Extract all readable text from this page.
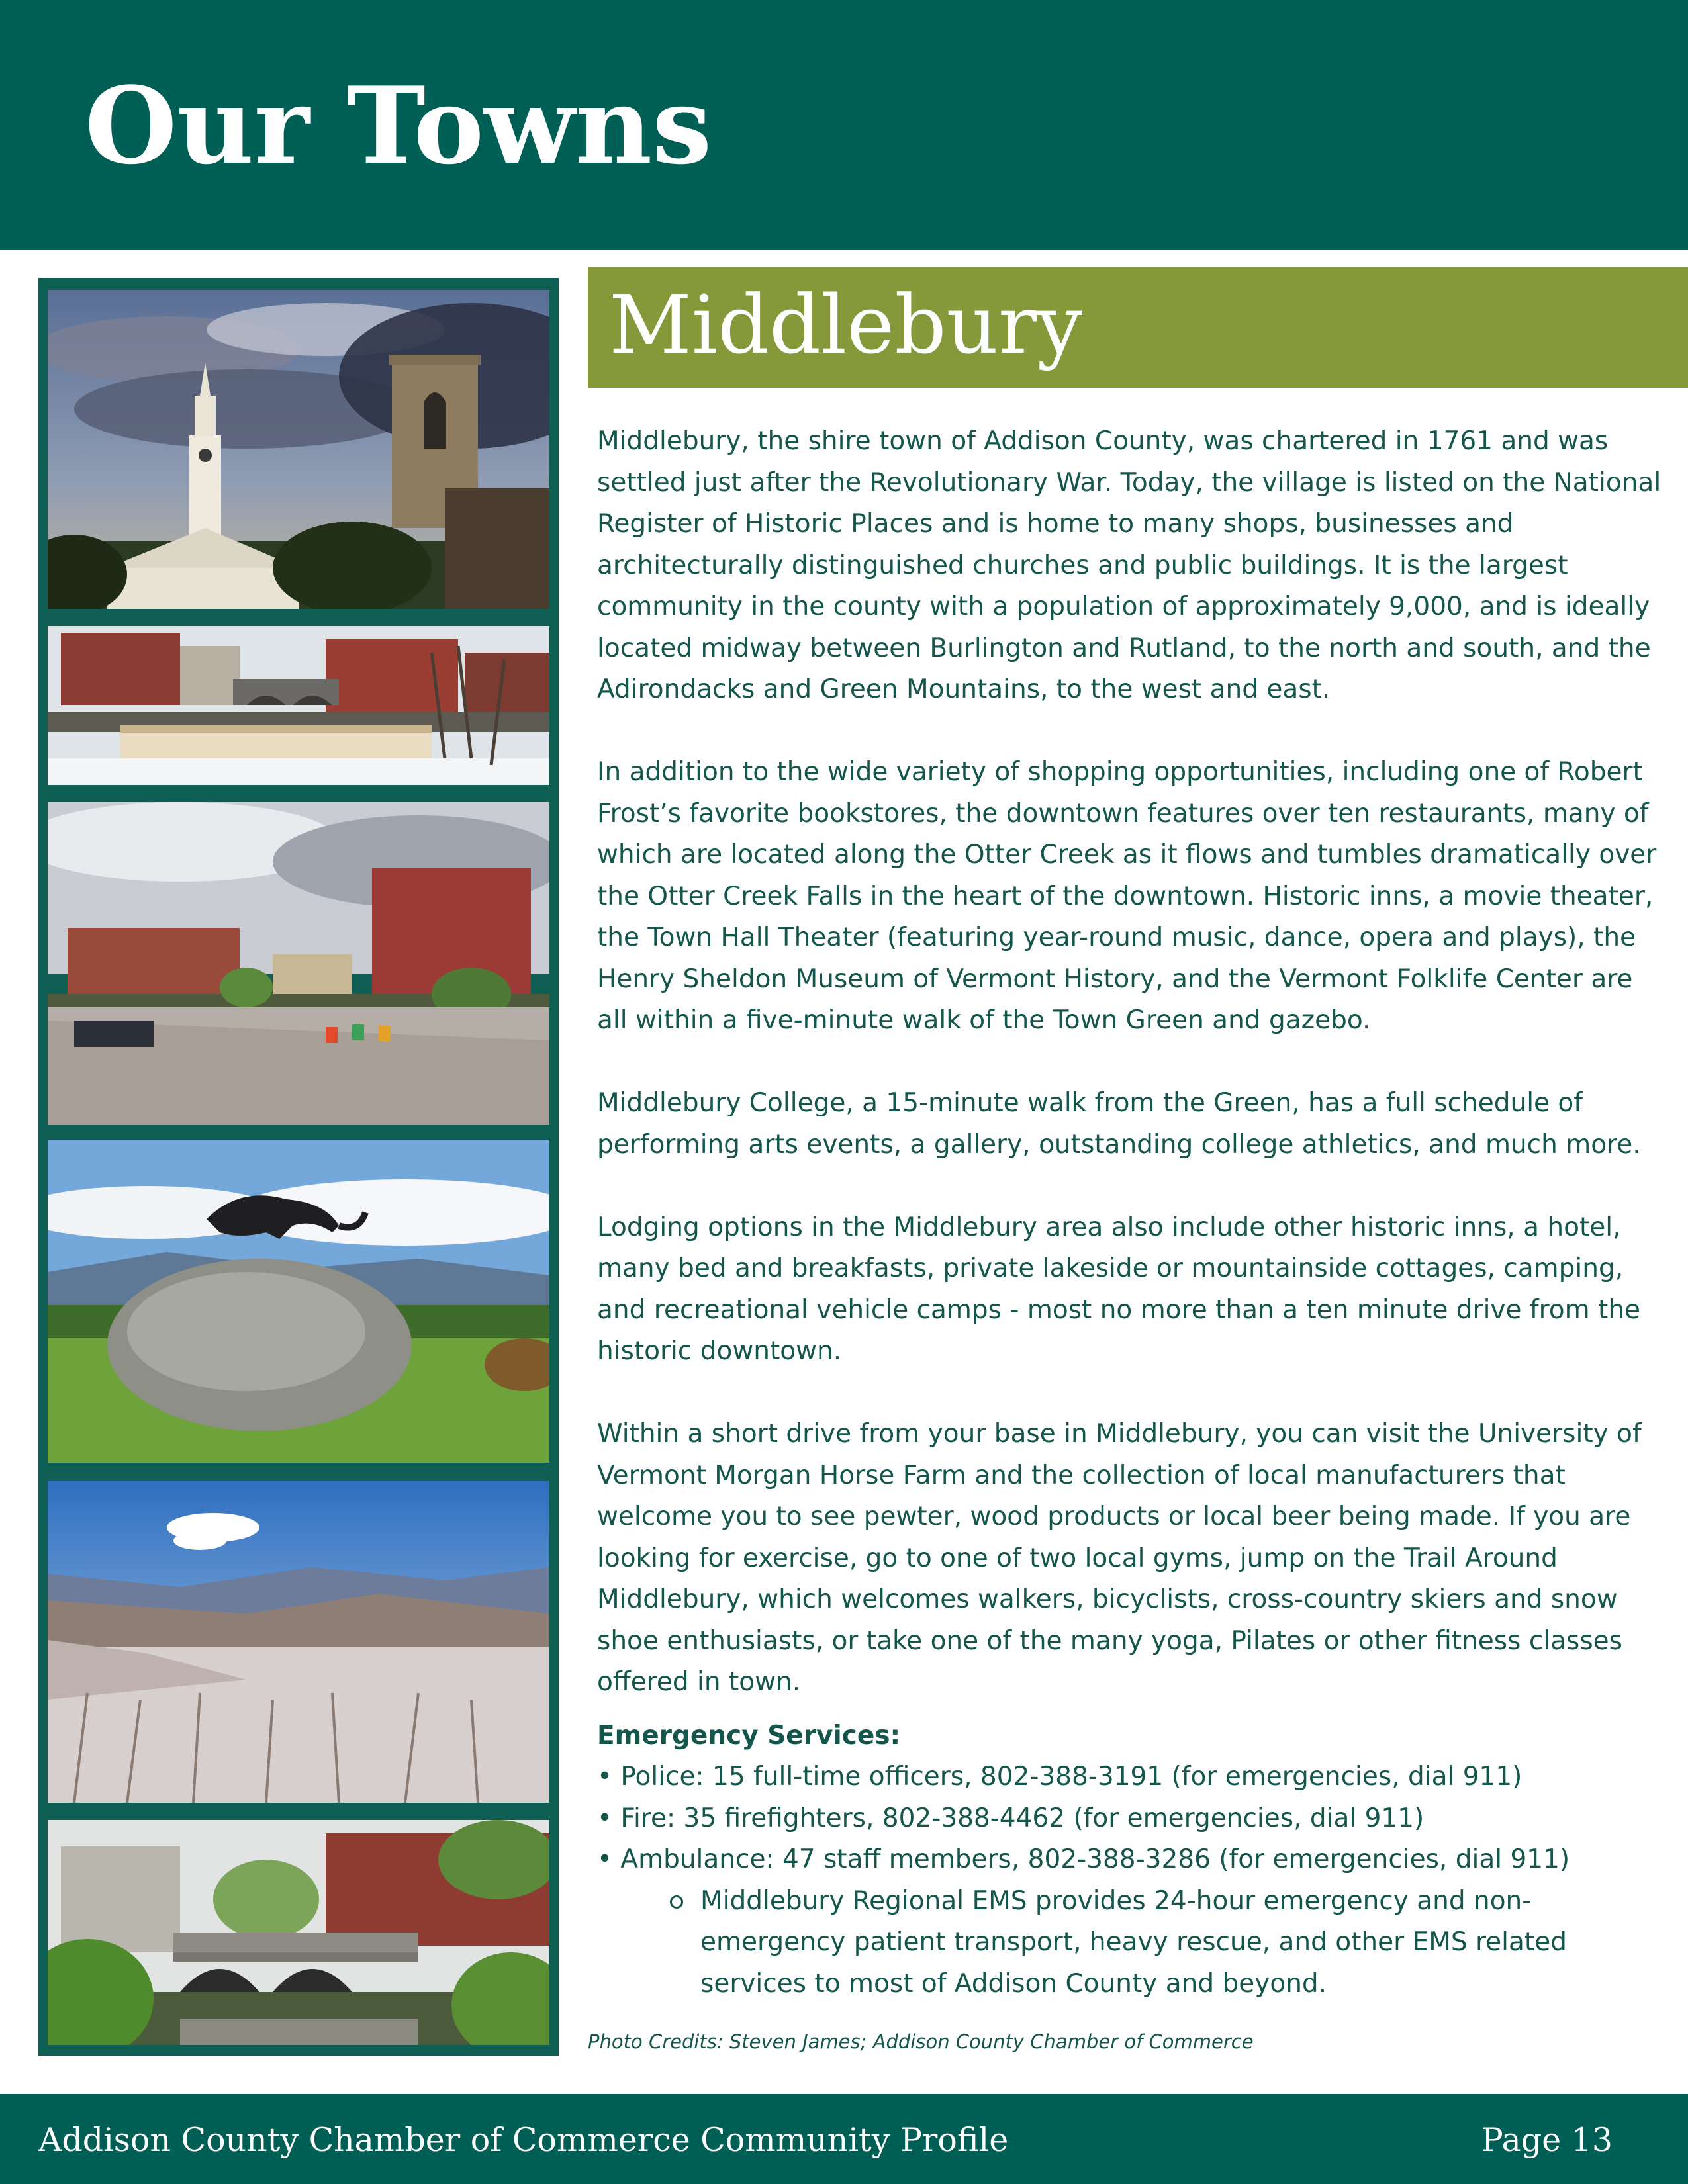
Our Towns
Middlebury

Middlebury, the shire town of Addison County, was chartered in 1761 and was settled just after the Revolutionary War. Today, the village is listed on the National Register of Historic Places and is home to many shops, businesses and architecturally distinguished churches and public buildings. It is the largest community in the county with a population of approximately 9,000, and is ideally located midway between Burlington and Rutland, to the north and south, and the Adirondacks and Green Mountains, to the west and east.

In addition to the wide variety of shopping opportunities, including one of Robert Frost’s favorite bookstores, the downtown features over ten restaurants, many of which are located along the Otter Creek as it flows and tumbles dramatically over the Otter Creek Falls in the heart of the downtown. Historic inns, a movie theater, the Town Hall Theater (featuring year-round music, dance, opera and plays), the Henry Sheldon Museum of Vermont History, and the Vermont Folklife Center are all within a five-minute walk of the Town Green and gazebo.

Middlebury College, a 15-minute walk from the Green, has a full schedule of performing arts events, a gallery, outstanding college athletics, and much more.

Lodging options in the Middlebury area also include other historic inns, a hotel, many bed and breakfasts, private lakeside or mountainside cottages, camping, and recreational vehicle camps - most no more than a ten minute drive from the historic downtown.

Within a short drive from your base in Middlebury, you can visit the University of Vermont Morgan Horse Farm and the collection of local manufacturers that welcome you to see pewter, wood products or local beer being made. If you are looking for exercise, go to one of two local gyms, jump on the Trail Around Middlebury, which welcomes walkers, bicyclists, cross-country skiers and snow shoe enthusiasts, or take one of the many yoga, Pilates or other fitness classes offered in town.

Emergency Services:
• Police: 15 full-time officers, 802-388-3191 (for emergencies, dial 911)
• Fire: 35 firefighters, 802-388-4462 (for emergencies, dial 911)
• Ambulance: 47 staff members, 802-388-3286 (for emergencies, dial 911)
Middlebury Regional EMS provides 24-hour emergency and non-emergency patient transport, heavy rescue, and other EMS related services to most of Addison County and beyond.
Photo Credits: Steven James; Addison County Chamber of Commerce
Addison County Chamber of Commerce Community Profile	Page 13
